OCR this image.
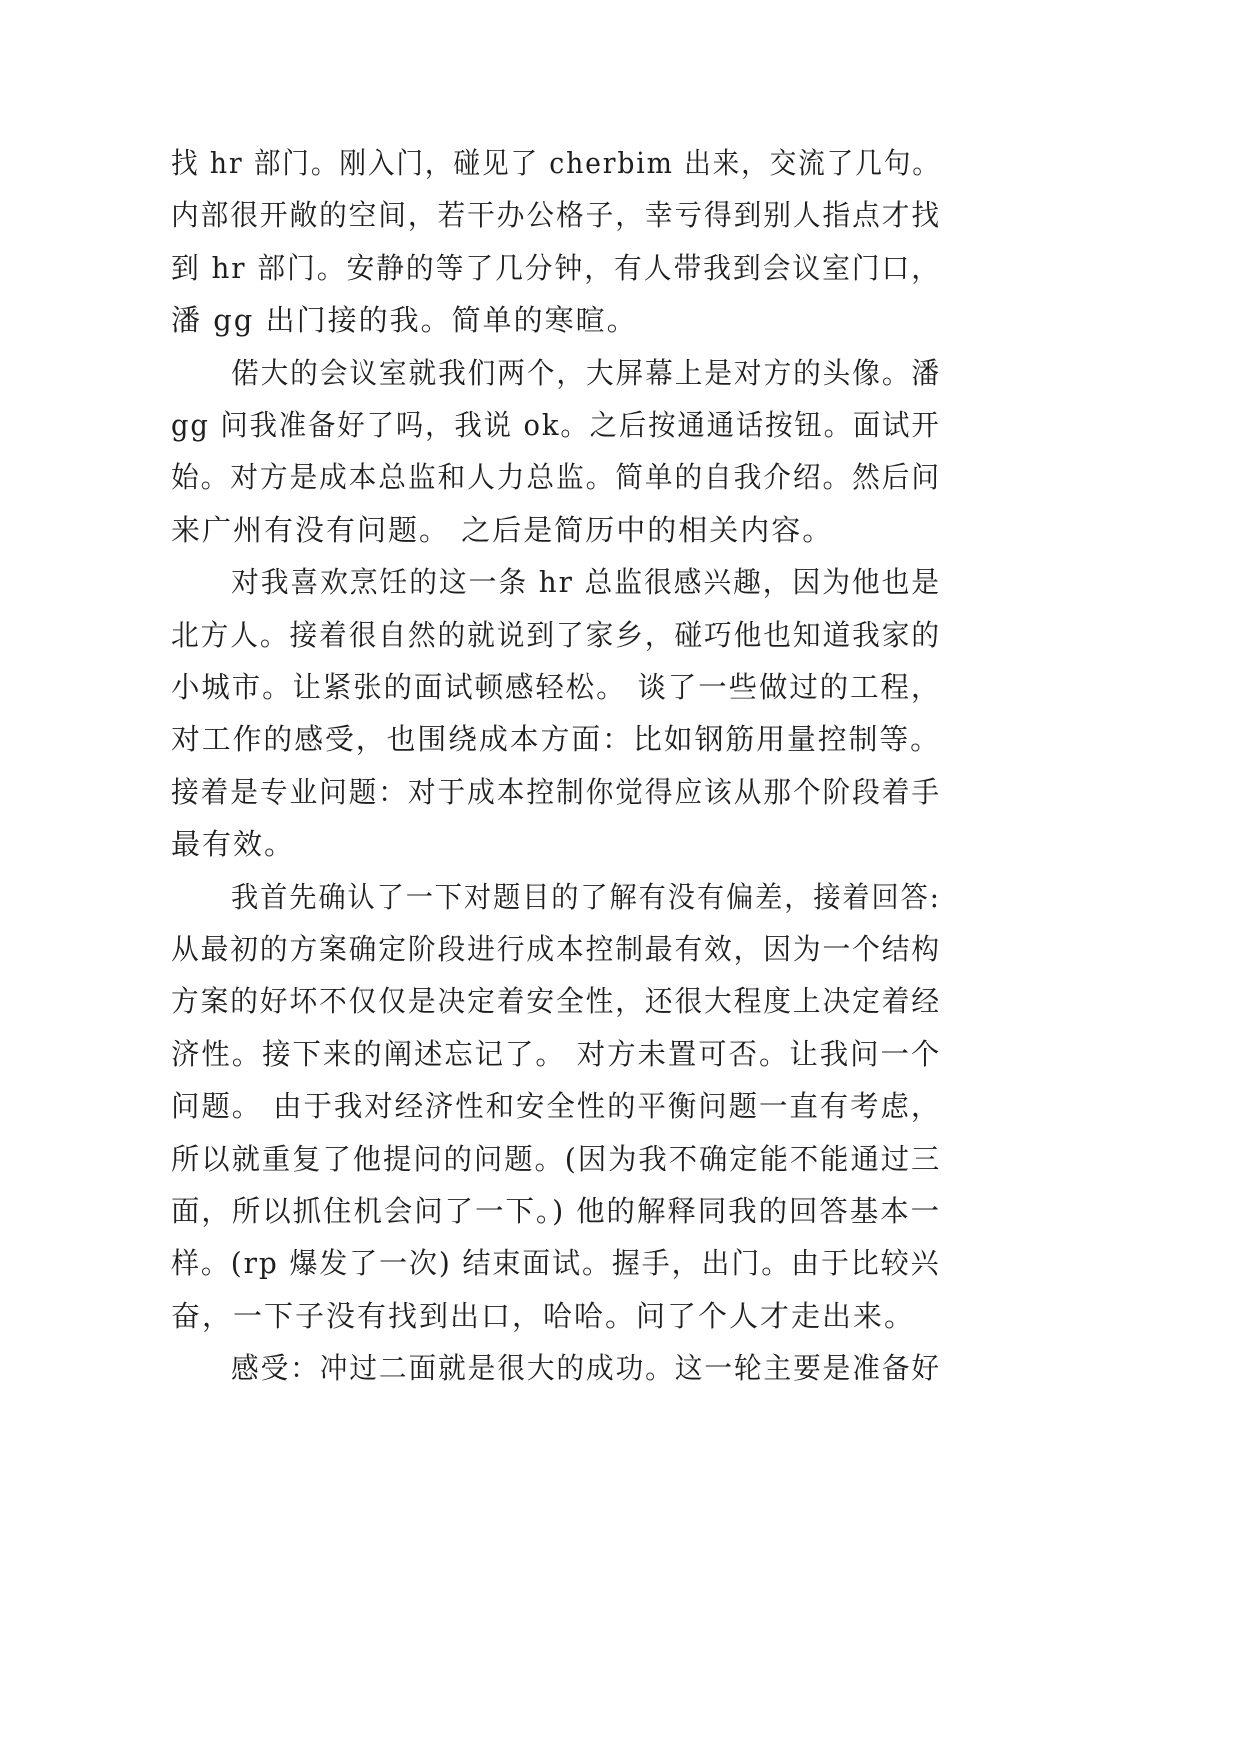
找 hr 部门。刚入门，碰见了 cherbim 出来，交流了几句。
内部很开敞的空间，若干办公格子，幸亏得到别人指点才找
到 hr 部门。安静的等了几分钟，有人带我到会议室门口，
潘 gg 出门接的我。简单的寒暄。
偌大的会议室就我们两个，大屏幕上是对方的头像。潘
gg 问我准备好了吗，我说 ok。之后按通通话按钮。面试开
始。对方是成本总监和人力总监。简单的自我介绍。然后问
来广州有没有问题。 之后是简历中的相关内容。
对我喜欢烹饪的这一条 hr 总监很感兴趣，因为他也是
北方人。接着很自然的就说到了家乡，碰巧他也知道我家的
小城市。让紧张的面试顿感轻松。 谈了一些做过的工程，
对工作的感受，也围绕成本方面：比如钢筋用量控制等。
接着是专业问题：对于成本控制你觉得应该从那个阶段着手
最有效。
我首先确认了一下对题目的了解有没有偏差，接着回答:
从最初的方案确定阶段进行成本控制最有效，因为一个结构
方案的好坏不仅仅是决定着安全性，还很大程度上决定着经
济性。接下来的阐述忘记了。 对方未置可否。让我问一个
问题。 由于我对经济性和安全性的平衡问题一直有考虑，
所以就重复了他提问的问题。(因为我不确定能不能通过三
面，所以抓住机会问了一下。) 他的解释同我的回答基本一
样。(rp 爆发了一次) 结束面试。握手，出门。由于比较兴
奋，一下子没有找到出口，哈哈。问了个人才走出来。
感受：冲过二面就是很大的成功。这一轮主要是准备好
